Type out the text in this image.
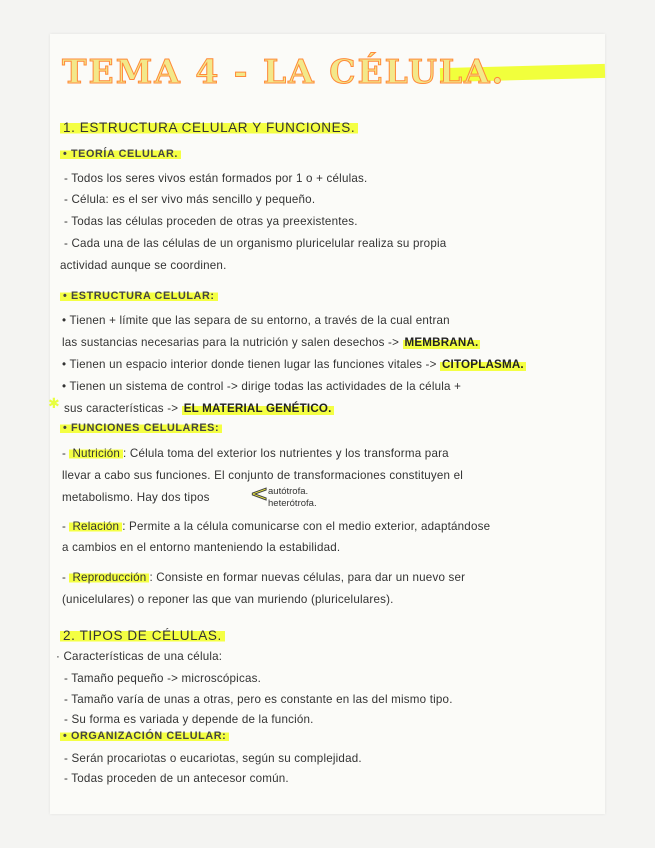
TEMA 4 - LA CÉLULA.
1. ESTRUCTURA CELULAR Y FUNCIONES.
• TEORÍA CELULAR.
- Todos los seres vivos están formados por 1 o + células.
- Célula: es el ser vivo más sencillo y pequeño.
- Todas las células proceden de otras ya preexistentes.
- Cada una de las células de un organismo pluricelular realiza su propia
actividad aunque se coordinen.
• ESTRUCTURA CELULAR:
• Tienen + límite que las separa de su entorno, a través de la cual entran
las sustancias necesarias para la nutrición y salen desechos -> MEMBRANA.
• Tienen un espacio interior donde tienen lugar las funciones vitales -> CITOPLASMA.
• Tienen un sistema de control -> dirige todas las actividades de la célula +
✱ sus características -> EL MATERIAL GENÉTICO.
• FUNCIONES CELULARES:
- Nutrición : Célula toma del exterior los nutrientes y los transforma para
llevar a cabo sus funciones. El conjunto de transformaciones constituyen el
metabolismo. Hay dos tipos < autótrofa.
heterótrofa.
- Relación : Permite a la célula comunicarse con el medio exterior, adaptándose
a cambios en el entorno manteniendo la estabilidad.
- Reproducción : Consiste en formar nuevas células, para dar un nuevo ser
(unicelulares) o reponer las que van muriendo (pluricelulares).
2. TIPOS DE CÉLULAS.
· Características de una célula:
- Tamaño pequeño -> microscópicas.
- Tamaño varía de unas a otras, pero es constante en las del mismo tipo.
- Su forma es variada y depende de la función.
• ORGANIZACIÓN CELULAR:
- Serán procariotas o eucariotas, según su complejidad.
- Todas proceden de un antecesor común.
